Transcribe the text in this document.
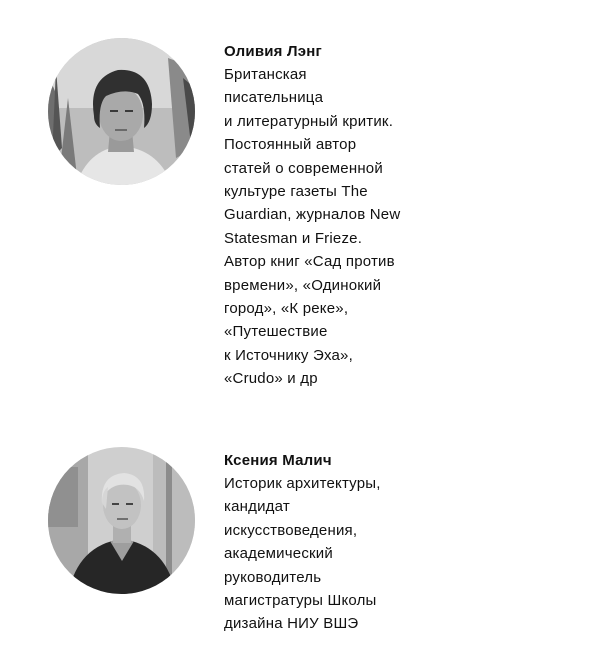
Оливия Лэнг

Британская
писательница
и литературный критик.
Постоянный автор
статей о современной
культуре газеты The
Guardian, журналов New
Statesman и Frieze.
Автор книг «Сад против
времени», «Одинокий
город», «К реке»,
«Путешествие
к Источнику Эха»,
«Crudo» и др

Ксения Малич

Историк архитектуры,
кандидат
искусствоведения,
академический
руководитель
магистратуры Школы
дизайна НИУ ВШЭ
